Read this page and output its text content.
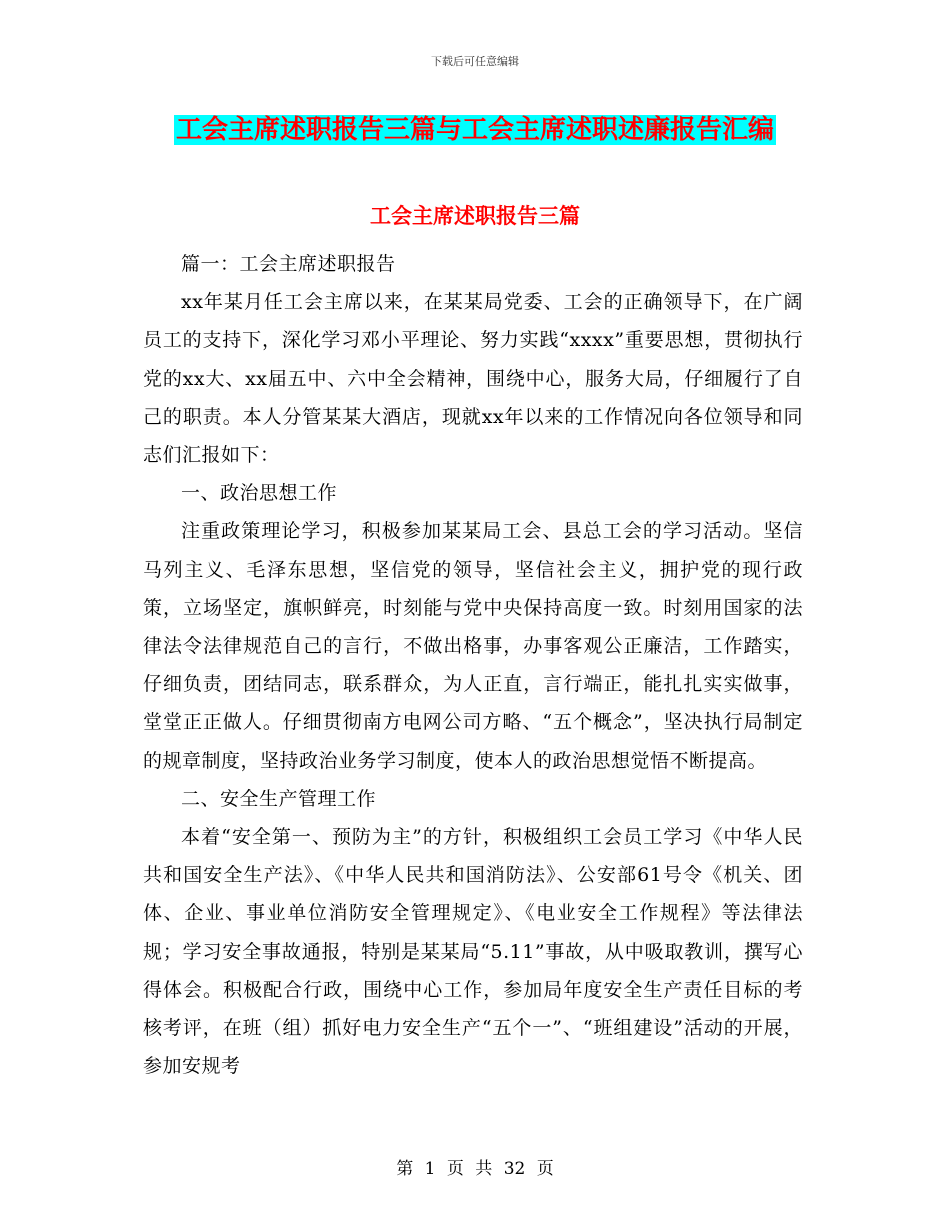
下载后可任意编辑
工会主席述职报告三篇与工会主席述职述廉报告汇编
工会主席述职报告三篇

篇一：工会主席述职报告

xx年某月任工会主席以来，在某某局党委、工会的正确领导下，在广阔员工的支持下，深化学习邓小平理论、努力实践“xxxx”重要思想，贯彻执行党的xx大、xx届五中、六中全会精神，围绕中心，服务大局，仔细履行了自己的职责。本人分管某某大酒店，现就xx年以来的工作情况向各位领导和同志们汇报如下：

一、政治思想工作

注重政策理论学习，积极参加某某局工会、县总工会的学习活动。坚信马列主义、毛泽东思想，坚信党的领导，坚信社会主义，拥护党的现行政策，立场坚定，旗帜鲜亮，时刻能与党中央保持高度一致。时刻用国家的法律法令法律规范自己的言行，不做出格事，办事客观公正廉洁，工作踏实，仔细负责，团结同志，联系群众，为人正直，言行端正，能扎扎实实做事，堂堂正正做人。仔细贯彻南方电网公司方略、“五个概念”，坚决执行局制定的规章制度，坚持政治业务学习制度，使本人的政治思想觉悟不断提高。

二、安全生产管理工作

本着“安全第一、预防为主”的方针，积极组织工会员工学习《中华人民共和国安全生产法》、《中华人民共和国消防法》、公安部61号令《机关、团体、企业、事业单位消防安全管理规定》、《电业安全工作规程》等法律法规；学习安全事故通报，特别是某某局“5.11”事故，从中吸取教训，撰写心得体会。积极配合行政，围绕中心工作，参加局年度安全生产责任目标的考核考评，在班（组）抓好电力安全生产“五个一”、“班组建设”活动的开展，参加安规考

第 1 页 共 32 页
